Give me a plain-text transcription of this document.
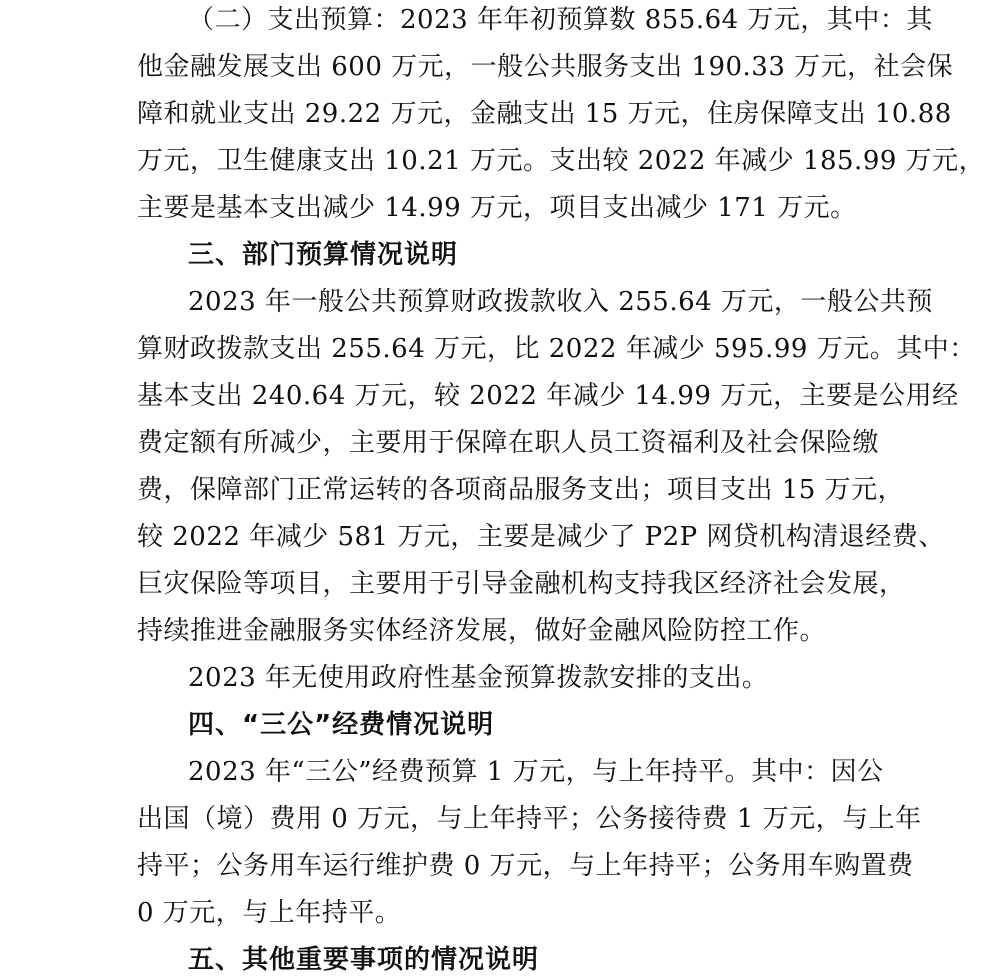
（二）支出预算：2023 年年初预算数 855.64 万元，其中：其
他金融发展支出 600 万元，一般公共服务支出 190.33 万元，社会保
障和就业支出 29.22 万元，金融支出 15 万元，住房保障支出 10.88
万元，卫生健康支出 10.21 万元。支出较 2022 年减少 185.99 万元，
主要是基本支出减少 14.99 万元，项目支出减少 171 万元。
三、部门预算情况说明
2023 年一般公共预算财政拨款收入 255.64 万元，一般公共预
算财政拨款支出 255.64 万元，比 2022 年减少 595.99 万元。其中：
基本支出 240.64 万元，较 2022 年减少 14.99 万元，主要是公用经
费定额有所减少，主要用于保障在职人员工资福利及社会保险缴
费，保障部门正常运转的各项商品服务支出；项目支出 15 万元，
较 2022 年减少 581 万元，主要是减少了 P2P 网贷机构清退经费、
巨灾保险等项目，主要用于引导金融机构支持我区经济社会发展，
持续推进金融服务实体经济发展，做好金融风险防控工作。
2023 年无使用政府性基金预算拨款安排的支出。
四、“三公”经费情况说明
2023 年“三公”经费预算 1 万元，与上年持平。其中：因公
出国（境）费用 0 万元，与上年持平；公务接待费 1 万元，与上年
持平；公务用车运行维护费 0 万元，与上年持平；公务用车购置费
0 万元，与上年持平。
五、其他重要事项的情况说明
